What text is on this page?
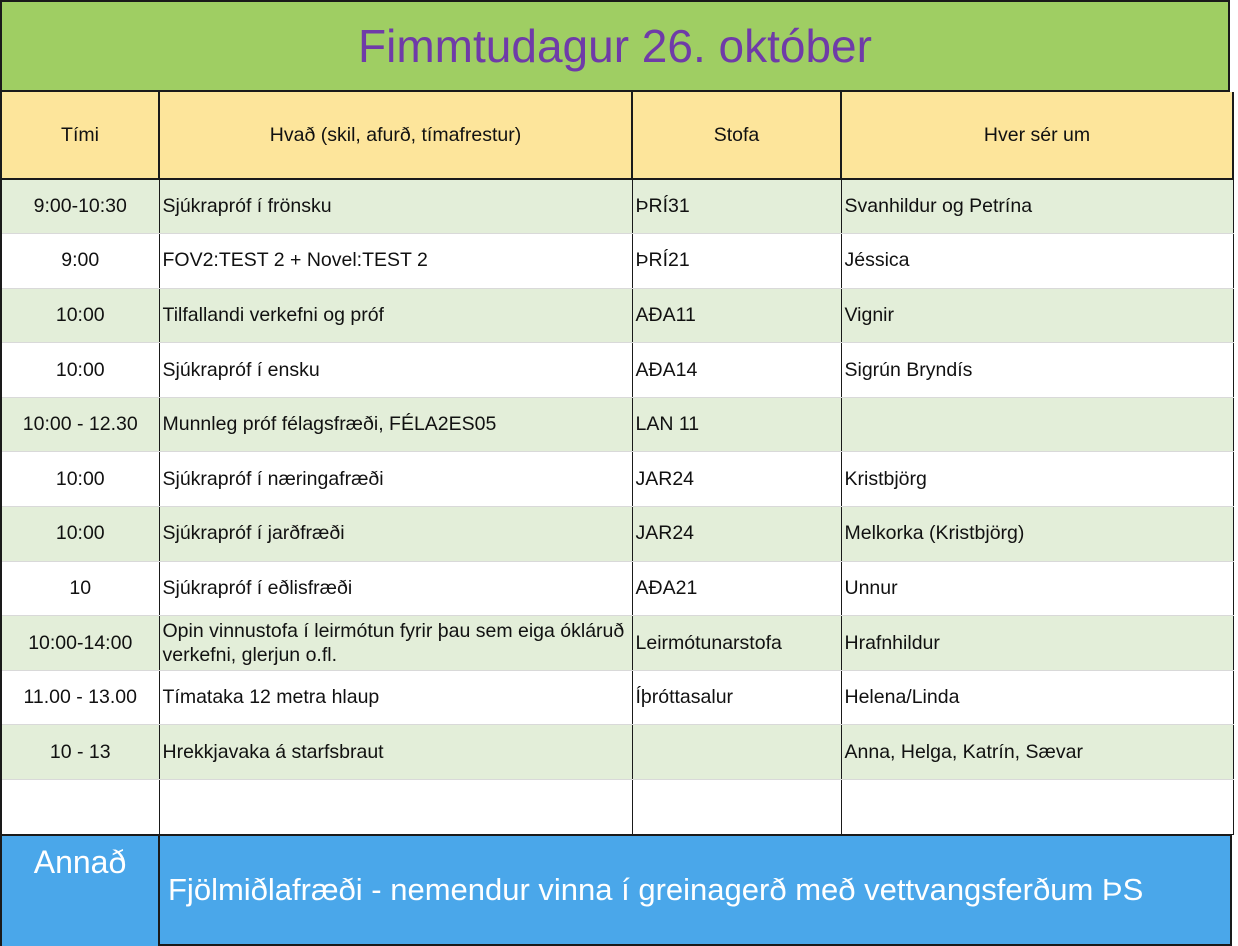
Fimmtudagur 26. október
Tími	Hvað (skil, afurð, tímafrestur)	Stofa	Hver sér um
9:00-10:30	Sjúkrapróf í frönsku	ÞRÍ31	Svanhildur og Petrína
9:00	FOV2:TEST 2 + Novel:TEST 2	ÞRÍ21	Jéssica
10:00	Tilfallandi verkefni og próf	AÐA11	Vignir
10:00	Sjúkrapróf í ensku	AÐA14	Sigrún Bryndís
10:00 - 12.30	Munnleg próf félagsfræði, FÉLA2ES05	LAN 11	
10:00	Sjúkrapróf í næringafræði	JAR24	Kristbjörg
10:00	Sjúkrapróf í jarðfræði	JAR24	Melkorka (Kristbjörg)
10	Sjúkrapróf í eðlisfræði	AÐA21	Unnur
10:00-14:00	Opin vinnustofa í leirmótun fyrir þau sem eiga ókláruð verkefni, glerjun o.fl.	Leirmótunarstofa	Hrafnhildur
11.00 - 13.00	Tímataka 12 metra hlaup	Íþróttasalur	Helena/Linda
10 - 13	Hrekkjavaka á starfsbraut		Anna, Helga, Katrín, Sævar

Annað
Fjölmiðlafræði - nemendur vinna í greinagerð með vettvangsferðum ÞS
